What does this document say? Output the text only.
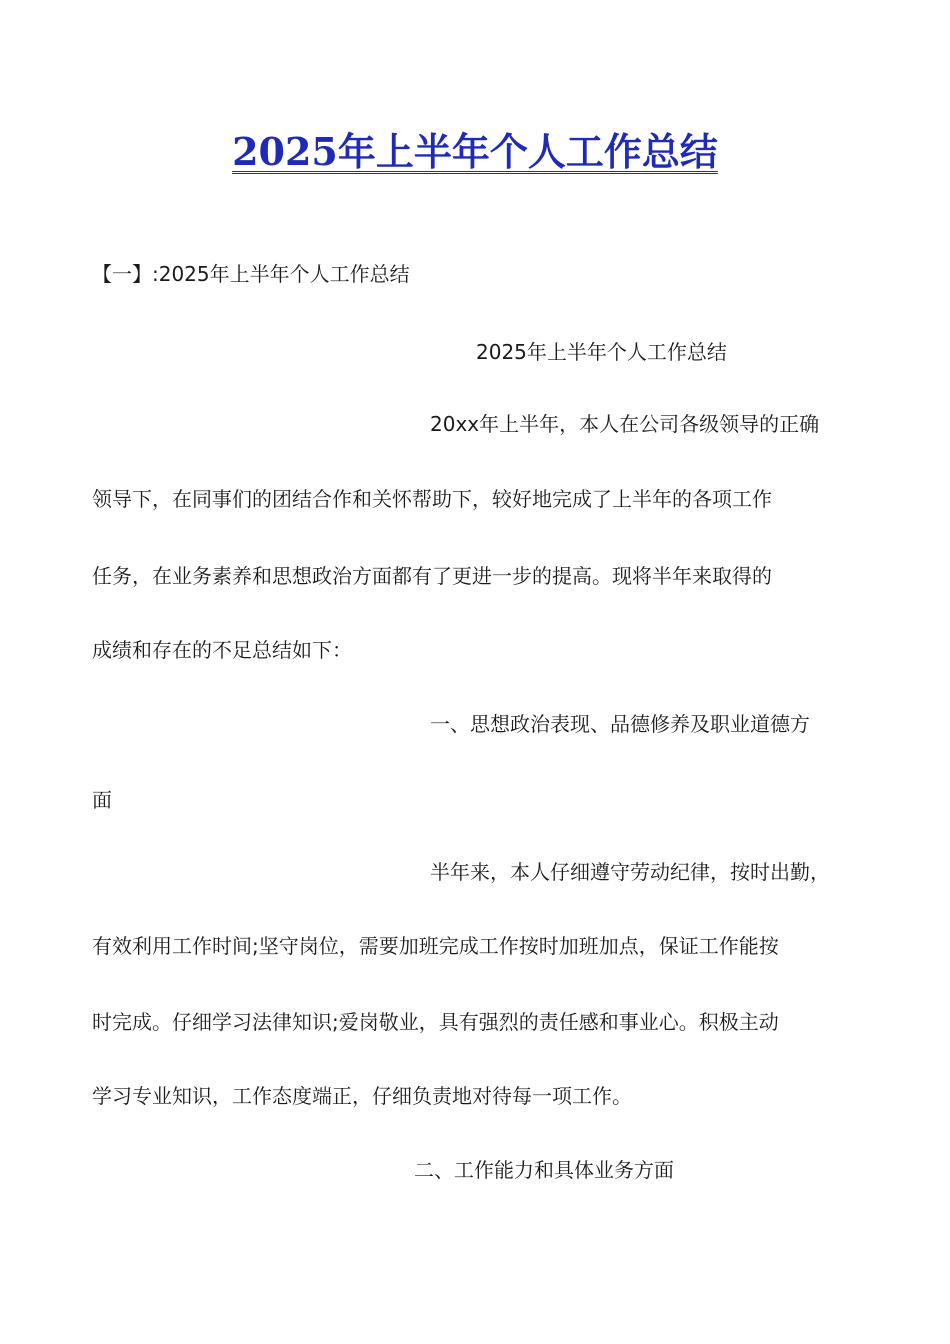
2025年上半年个人工作总结
【一】:2025年上半年个人工作总结
2025年上半年个人工作总结
20xx年上半年，本人在公司各级领导的正确
领导下，在同事们的团结合作和关怀帮助下，较好地完成了上半年的各项工作
任务，在业务素养和思想政治方面都有了更进一步的提高。现将半年来取得的
成绩和存在的不足总结如下：
一、思想政治表现、品德修养及职业道德方
面
半年来，本人仔细遵守劳动纪律，按时出勤，
有效利用工作时间;坚守岗位，需要加班完成工作按时加班加点，保证工作能按
时完成。仔细学习法律知识;爱岗敬业，具有强烈的责任感和事业心。积极主动
学习专业知识，工作态度端正，仔细负责地对待每一项工作。
二、工作能力和具体业务方面
